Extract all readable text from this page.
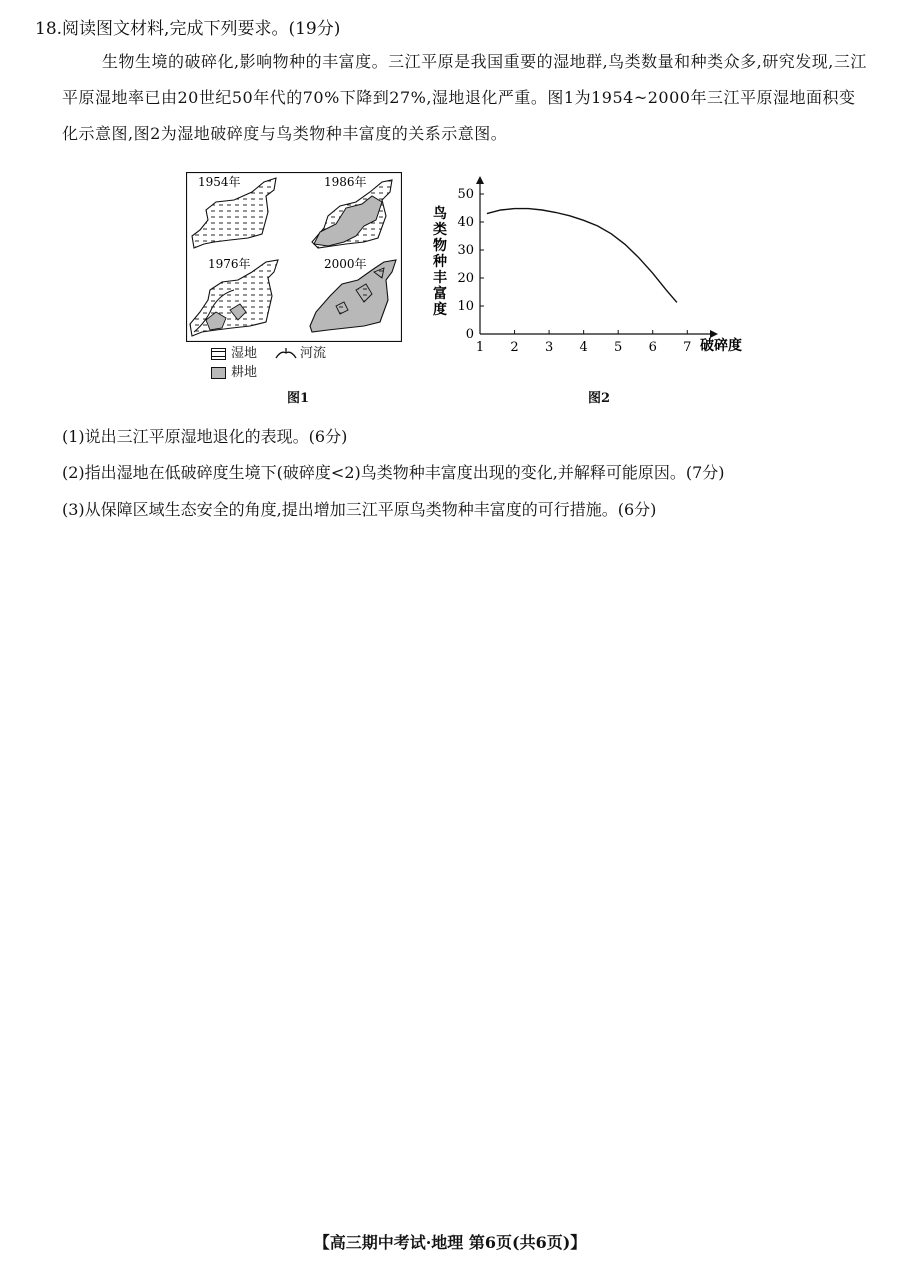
18.阅读图文材料,完成下列要求。(19分)
生物生境的破碎化,影响物种的丰富度。三江平原是我国重要的湿地群,鸟类数量和种类众多,研究发现,三江平原湿地率已由20世纪50年代的70%下降到27%,湿地退化严重。图1为1954~2000年三江平原湿地面积变化示意图,图2为湿地破碎度与鸟类物种丰富度的关系示意图。
1954年	1986年
1976年	2000年
湿地	河流
耕地
图1
鸟
类
物
种
丰
富
度
1 2 3 4 5 6 7
0
10
20
30
40
50
破碎度
图2
(1)说出三江平原湿地退化的表现。(6分)
(2)指出湿地在低破碎度生境下(破碎度<2)鸟类物种丰富度出现的变化,并解释可能原因。(7分)
(3)从保障区域生态安全的角度,提出增加三江平原鸟类物种丰富度的可行措施。(6分)
【高三期中考试·地理 第6页(共6页)】
